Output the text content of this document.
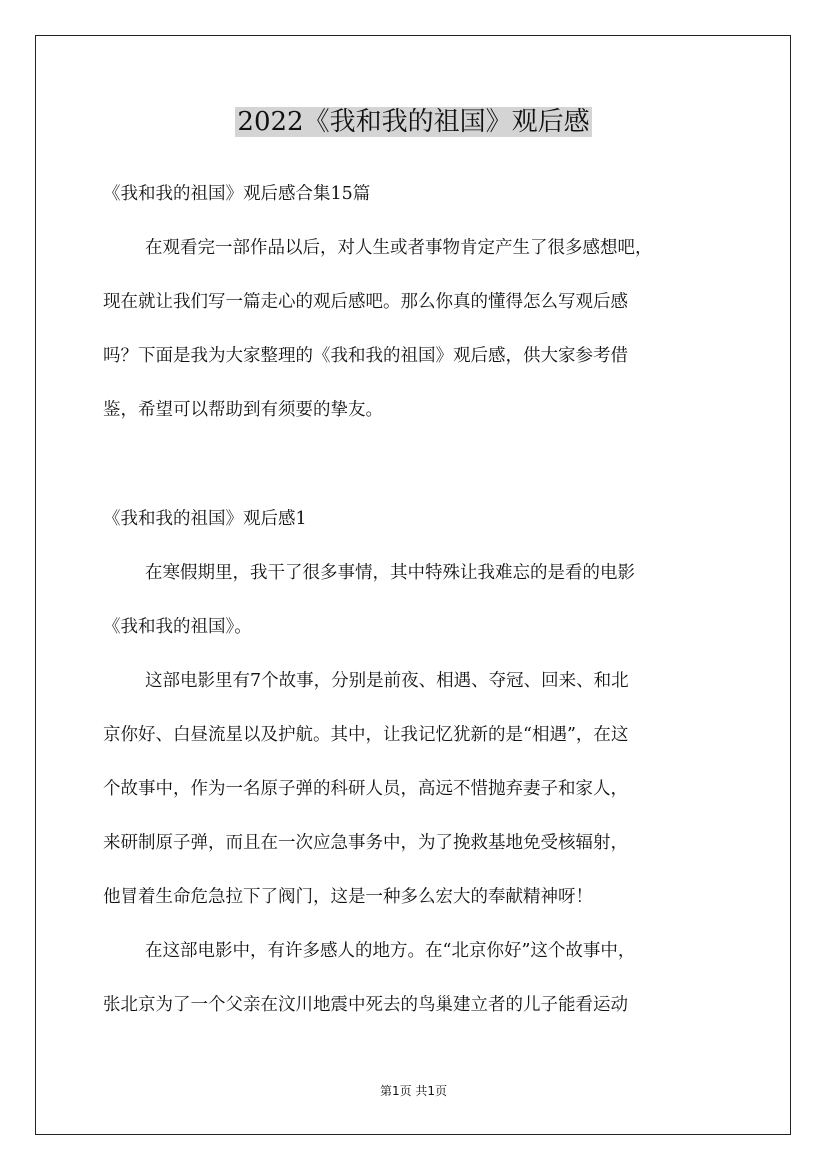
2022《我和我的祖国》观后感

《我和我的祖国》观后感合集15篇

在观看完一部作品以后，对人生或者事物肯定产生了很多感想吧，

现在就让我们写一篇走心的观后感吧。那么你真的懂得怎么写观后感

吗？下面是我为大家整理的《我和我的祖国》观后感，供大家参考借

鉴，希望可以帮助到有须要的挚友。

《我和我的祖国》观后感1

在寒假期里，我干了很多事情，其中特殊让我难忘的是看的电影

《我和我的祖国》。

这部电影里有7个故事，分别是前夜、相遇、夺冠、回来、和北

京你好、白昼流星以及护航。其中，让我记忆犹新的是“相遇”，在这

个故事中，作为一名原子弹的科研人员，高远不惜抛弃妻子和家人，

来研制原子弹，而且在一次应急事务中，为了挽救基地免受核辐射，

他冒着生命危急拉下了阀门，这是一种多么宏大的奉献精神呀！

在这部电影中，有许多感人的地方。在“北京你好”这个故事中，

张北京为了一个父亲在汶川地震中死去的鸟巢建立者的儿子能看运动

第1页 共1页
